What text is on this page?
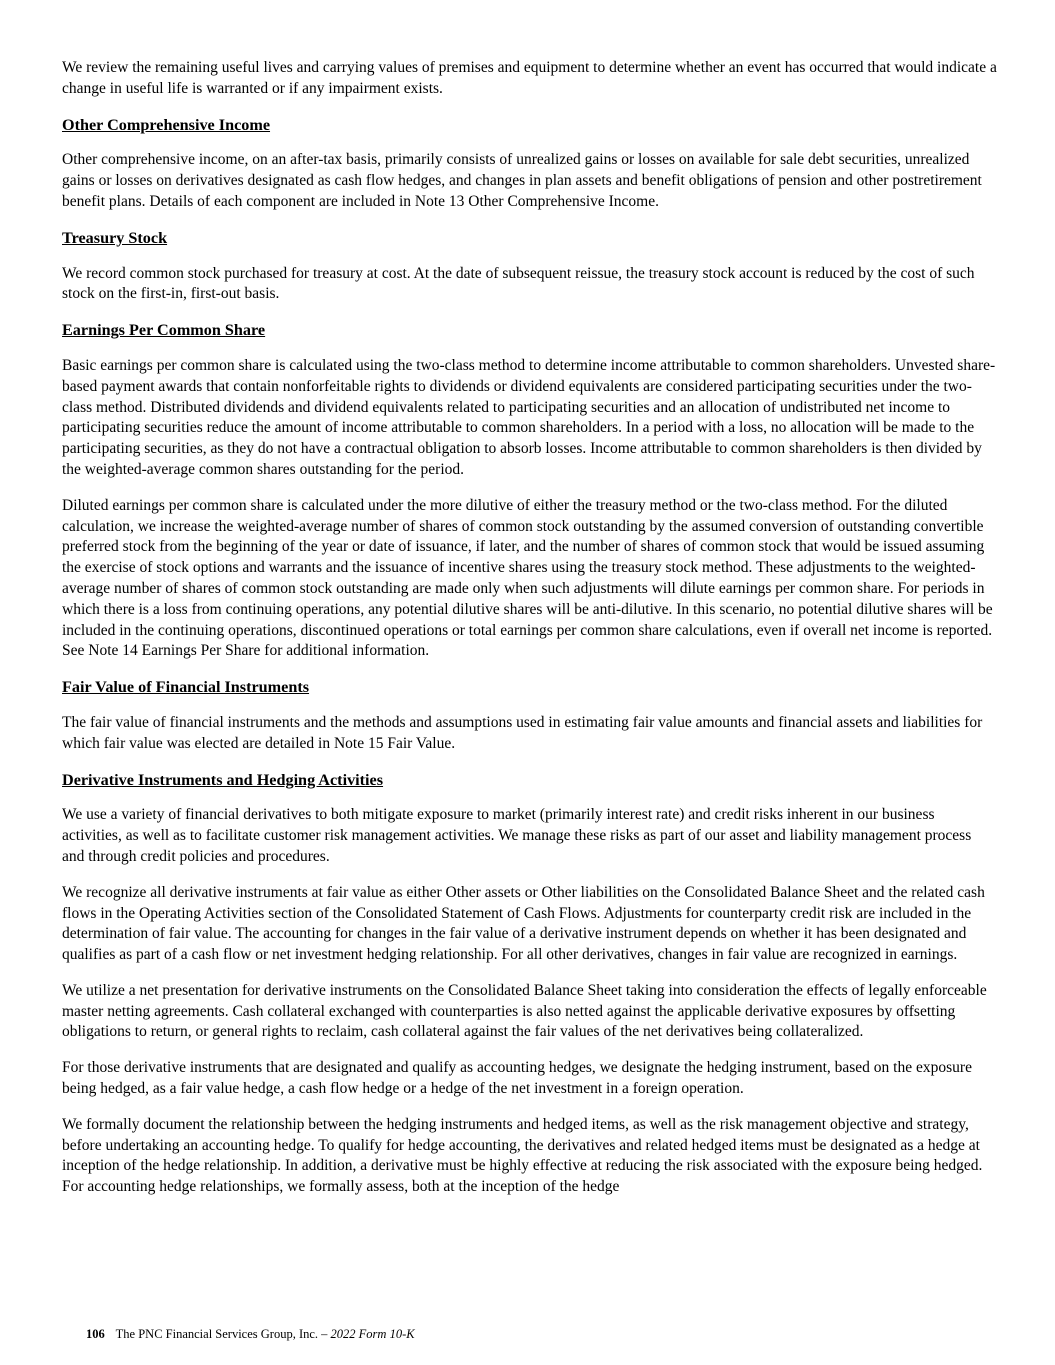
We review the remaining useful lives and carrying values of premises and equipment to determine whether an event has occurred that would indicate a change in useful life is warranted or if any impairment exists.

Other Comprehensive Income

Other comprehensive income, on an after-tax basis, primarily consists of unrealized gains or losses on available for sale debt securities, unrealized gains or losses on derivatives designated as cash flow hedges, and changes in plan assets and benefit obligations of pension and other postretirement benefit plans. Details of each component are included in Note 13 Other Comprehensive Income.

Treasury Stock

We record common stock purchased for treasury at cost. At the date of subsequent reissue, the treasury stock account is reduced by the cost of such stock on the first-in, first-out basis.

Earnings Per Common Share

Basic earnings per common share is calculated using the two-class method to determine income attributable to common shareholders. Unvested share-based payment awards that contain nonforfeitable rights to dividends or dividend equivalents are considered participating securities under the two-class method. Distributed dividends and dividend equivalents related to participating securities and an allocation of undistributed net income to participating securities reduce the amount of income attributable to common shareholders. In a period with a loss, no allocation will be made to the participating securities, as they do not have a contractual obligation to absorb losses. Income attributable to common shareholders is then divided by the weighted-average common shares outstanding for the period.

Diluted earnings per common share is calculated under the more dilutive of either the treasury method or the two-class method. For the diluted calculation, we increase the weighted-average number of shares of common stock outstanding by the assumed conversion of outstanding convertible preferred stock from the beginning of the year or date of issuance, if later, and the number of shares of common stock that would be issued assuming the exercise of stock options and warrants and the issuance of incentive shares using the treasury stock method. These adjustments to the weighted-average number of shares of common stock outstanding are made only when such adjustments will dilute earnings per common share. For periods in which there is a loss from continuing operations, any potential dilutive shares will be anti-dilutive. In this scenario, no potential dilutive shares will be included in the continuing operations, discontinued operations or total earnings per common share calculations, even if overall net income is reported. See Note 14 Earnings Per Share for additional information.

Fair Value of Financial Instruments

The fair value of financial instruments and the methods and assumptions used in estimating fair value amounts and financial assets and liabilities for which fair value was elected are detailed in Note 15 Fair Value.

Derivative Instruments and Hedging Activities

We use a variety of financial derivatives to both mitigate exposure to market (primarily interest rate) and credit risks inherent in our business activities, as well as to facilitate customer risk management activities. We manage these risks as part of our asset and liability management process and through credit policies and procedures.

We recognize all derivative instruments at fair value as either Other assets or Other liabilities on the Consolidated Balance Sheet and the related cash flows in the Operating Activities section of the Consolidated Statement of Cash Flows. Adjustments for counterparty credit risk are included in the determination of fair value. The accounting for changes in the fair value of a derivative instrument depends on whether it has been designated and qualifies as part of a cash flow or net investment hedging relationship. For all other derivatives, changes in fair value are recognized in earnings.

We utilize a net presentation for derivative instruments on the Consolidated Balance Sheet taking into consideration the effects of legally enforceable master netting agreements. Cash collateral exchanged with counterparties is also netted against the applicable derivative exposures by offsetting obligations to return, or general rights to reclaim, cash collateral against the fair values of the net derivatives being collateralized.

For those derivative instruments that are designated and qualify as accounting hedges, we designate the hedging instrument, based on the exposure being hedged, as a fair value hedge, a cash flow hedge or a hedge of the net investment in a foreign operation.

We formally document the relationship between the hedging instruments and hedged items, as well as the risk management objective and strategy, before undertaking an accounting hedge. To qualify for hedge accounting, the derivatives and related hedged items must be designated as a hedge at inception of the hedge relationship. In addition, a derivative must be highly effective at reducing the risk associated with the exposure being hedged. For accounting hedge relationships, we formally assess, both at the inception of the hedge

106 The PNC Financial Services Group, Inc. – 2022 Form 10-K
